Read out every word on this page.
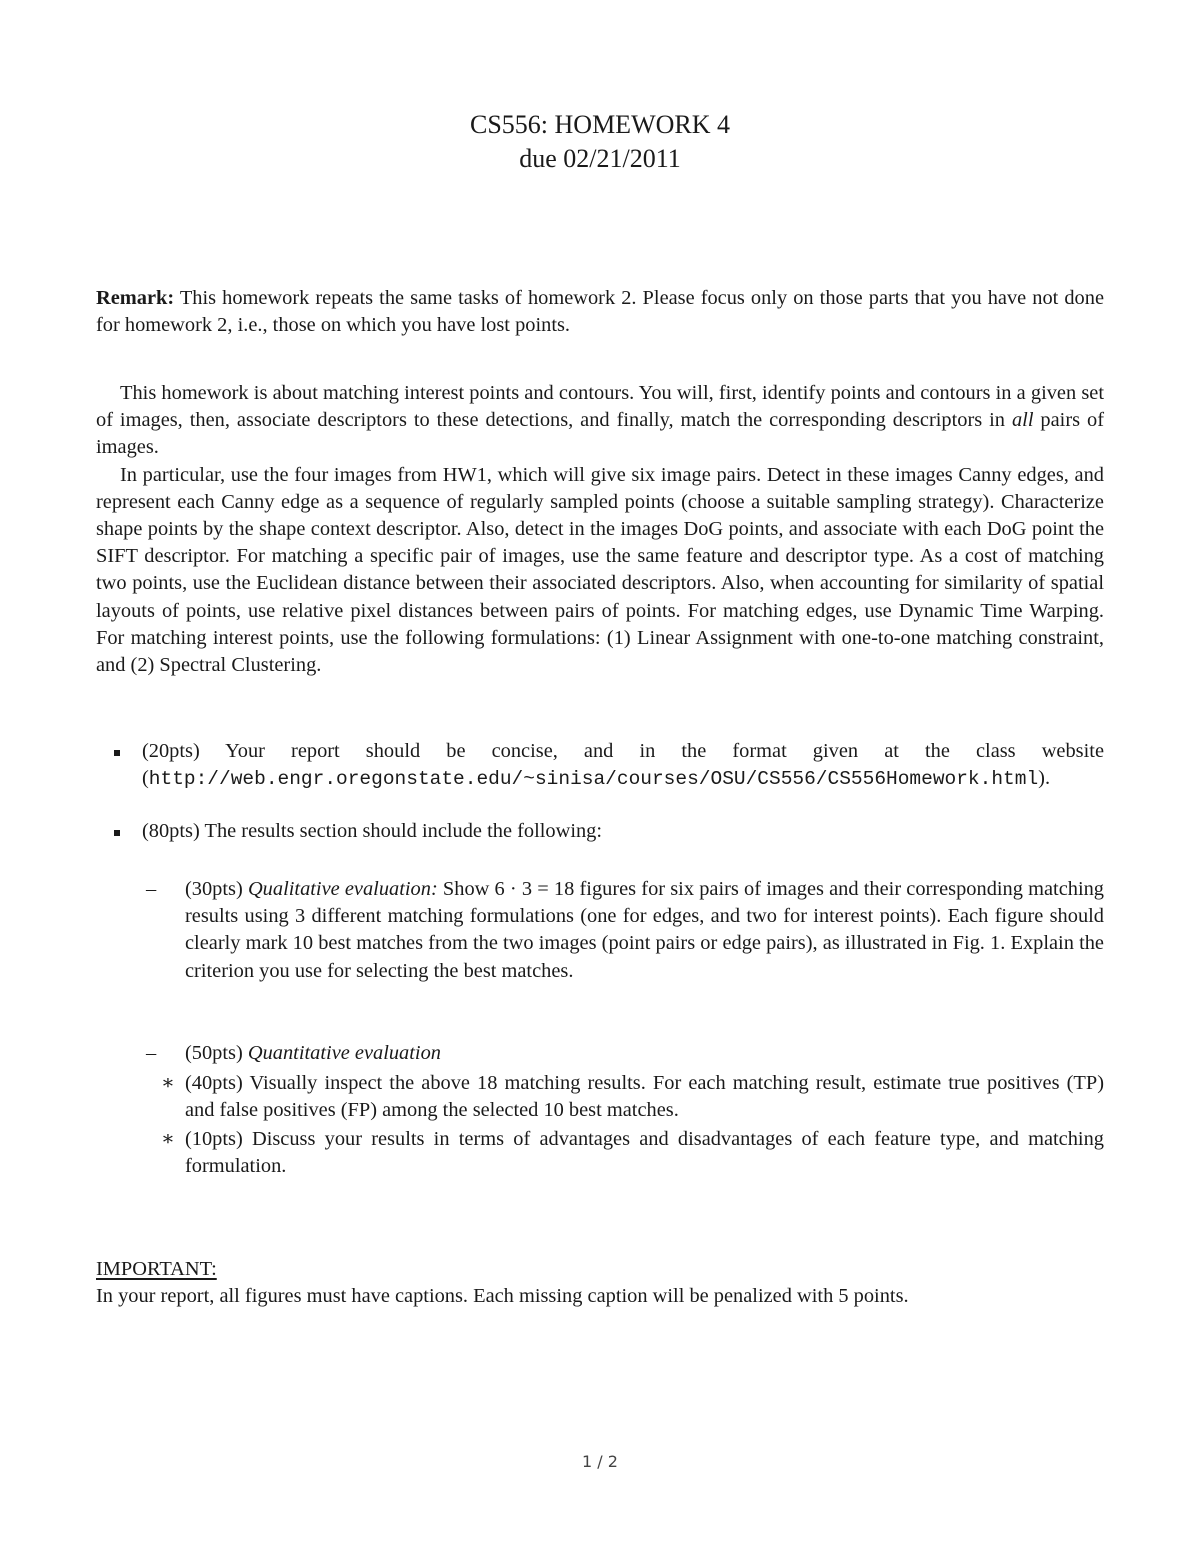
CS556: HOMEWORK 4
due 02/21/2011
Remark: This homework repeats the same tasks of homework 2. Please focus only on those parts that you have not done for homework 2, i.e., those on which you have lost points.

This homework is about matching interest points and contours. You will, first, identify points and contours in a given set of images, then, associate descriptors to these detections, and finally, match the corresponding descriptors in all pairs of images.

In particular, use the four images from HW1, which will give six image pairs. Detect in these images Canny edges, and represent each Canny edge as a sequence of regularly sampled points (choose a suitable sampling strategy). Characterize shape points by the shape context descriptor. Also, detect in the images DoG points, and associate with each DoG point the SIFT descriptor. For matching a specific pair of images, use the same feature and descriptor type. As a cost of matching two points, use the Euclidean distance between their associated descriptors. Also, when accounting for similarity of spatial layouts of points, use relative pixel distances between pairs of points. For matching edges, use Dynamic Time Warping. For matching interest points, use the following formulations: (1) Linear Assignment with one-to-one matching constraint, and (2) Spectral Clustering.

(20pts) Your report should be concise, and in the format given at the class website (http://web.engr.oregonstate.edu/~sinisa/courses/OSU/CS556/CS556Homework.html).
(80pts) The results section should include the following:
– (30pts) Qualitative evaluation: Show 6 · 3 = 18 figures for six pairs of images and their corresponding matching results using 3 different matching formulations (one for edges, and two for interest points). Each figure should clearly mark 10 best matches from the two images (point pairs or edge pairs), as illustrated in Fig. 1. Explain the criterion you use for selecting the best matches.
– (50pts) Quantitative evaluation
∗ (40pts) Visually inspect the above 18 matching results. For each matching result, estimate true positives (TP) and false positives (FP) among the selected 10 best matches.
∗ (10pts) Discuss your results in terms of advantages and disadvantages of each feature type, and matching formulation.
IMPORTANT:
In your report, all figures must have captions. Each missing caption will be penalized with 5 points.
1 / 2
